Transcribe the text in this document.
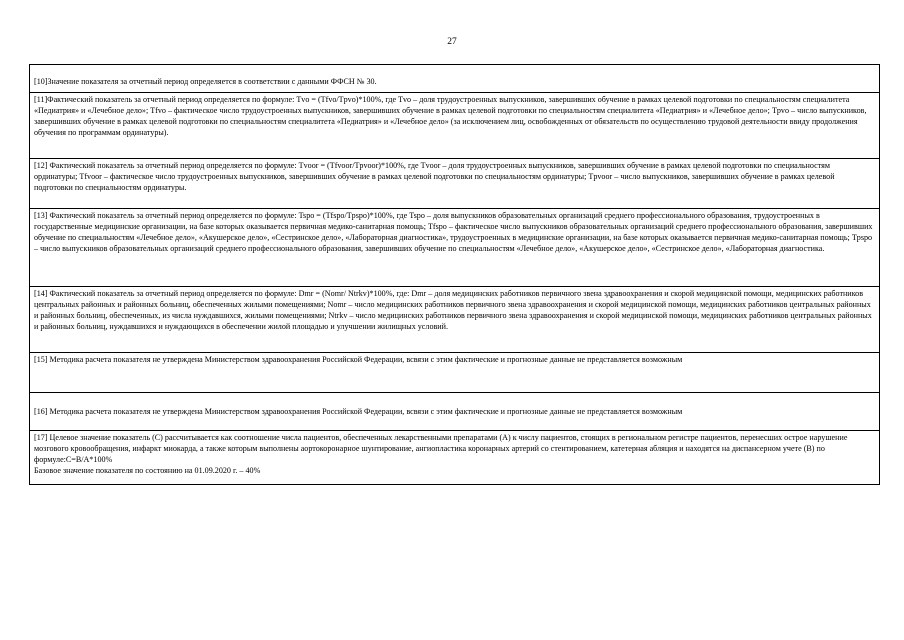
27

[10]Значение показателя за отчетный период определяется в соответствии с данными ФФСН № 30.

[11]Фактический показатель за отчетный период определяется по формуле: Tvo = (Tfvo/Tpvo)*100%, где Tvo – доля трудоустроенных выпускников, завершивших обучение в рамках целевой подготовки по специальностям специалитета «Педиатрия» и «Лечебное дело»; Tfvo – фактическое число трудоустроенных выпускников, завершивших обучение в рамках целевой подготовки по специальностям специалитета «Педиатрия» и «Лечебное дело»; Tpvo – число выпускников, завершивших обучение в рамках целевой подготовки по специальностям специалитета «Педиатрия» и «Лечебное дело» (за исключением лиц, освобожденных от обязательств по осуществлению трудовой деятельности ввиду продолжения обучения по программам ординатуры).

[12] Фактический показатель за отчетный период определяется по формуле: Tvoor = (Tfvoor/Tpvoor)*100%, где Tvoor – доля трудоустроенных выпускников, завершивших обучение в рамках целевой подготовки по специальностям ординатуры; Tfvoor – фактическое число трудоустроенных выпускников, завершивших обучение в рамках целевой подготовки по специальностям ординатуры; Tpvoor – число выпускников, завершивших обучение в рамках целевой подготовки по специальностям ординатуры.

[13] Фактический показатель за отчетный период определяется по формуле: Tspo = (Tfspo/Tpspo)*100%, где Tspo – доля выпускников образовательных организаций среднего профессионального образования, трудоустроенных в государственные медицинские организации, на базе которых оказывается первичная медико-санитарная помощь; Tfspo – фактическое число выпускников образовательных организаций среднего профессионального образования, завершивших обучение по специальностям «Лечебное дело», «Акушерское дело», «Сестринское дело», «Лабораторная диагностика», трудоустроенных в медицинские организации, на базе которых оказывается первичная медико-санитарная помощь; Tpspo – число выпускников образовательных организаций среднего профессионального образования, завершивших обучение по специальностям «Лечебное дело», «Акушерское дело», «Сестринское дело», «Лабораторная диагностика.

[14] Фактический показатель за отчетный период определяется по формуле: Dmr = (Nomr/ Ntrkv)*100%, где: Dmr – доля медицинских работников первичного звена здравоохранения и скорой медицинской помощи, медицинских работников центральных районных и районных больниц, обеспеченных жилыми помещениями; Nomr – число медицинских работников первичного звена здравоохранения и скорой медицинской помощи, медицинских работников центральных районных и районных больниц, обеспеченных, из числа нуждавшихся, жилыми помещениями; Ntrkv – число медицинских работников первичного звена здравоохранения и скорой медицинской помощи, медицинских работников центральных районных и районных больниц, нуждавшихся и нуждающихся в обеспечении жилой площадью и улучшении жилищных условий.

[15] Методика расчета показателя не утверждена Министерством здравоохранения Российской Федерации, всвязи с этим фактические и прогнозные данные не представляется возможным

[16] Методика расчета показателя не утверждена Министерством здравоохранения Российской Федерации, всвязи с этим фактические и прогнозные данные не представляется возможным

[17] Целевое значение показатель (С) рассчитывается как соотношение числа пациентов, обеспеченных лекарственными препаратами (А) к числу пациентов, стоящих в региональном регистре пациентов, перенесших острое нарушение мозгового кровообращения, инфаркт миокарда, а также которым выполнены аортокоронарное шунтирование, ангиопластика коронарных артерий со стентированием, катетерная абляция и находятся на диспансерном учете (В) по формуле:C=B/A*100%

Базовое значение показателя по состоянию на 01.09.2020 г. – 40%
